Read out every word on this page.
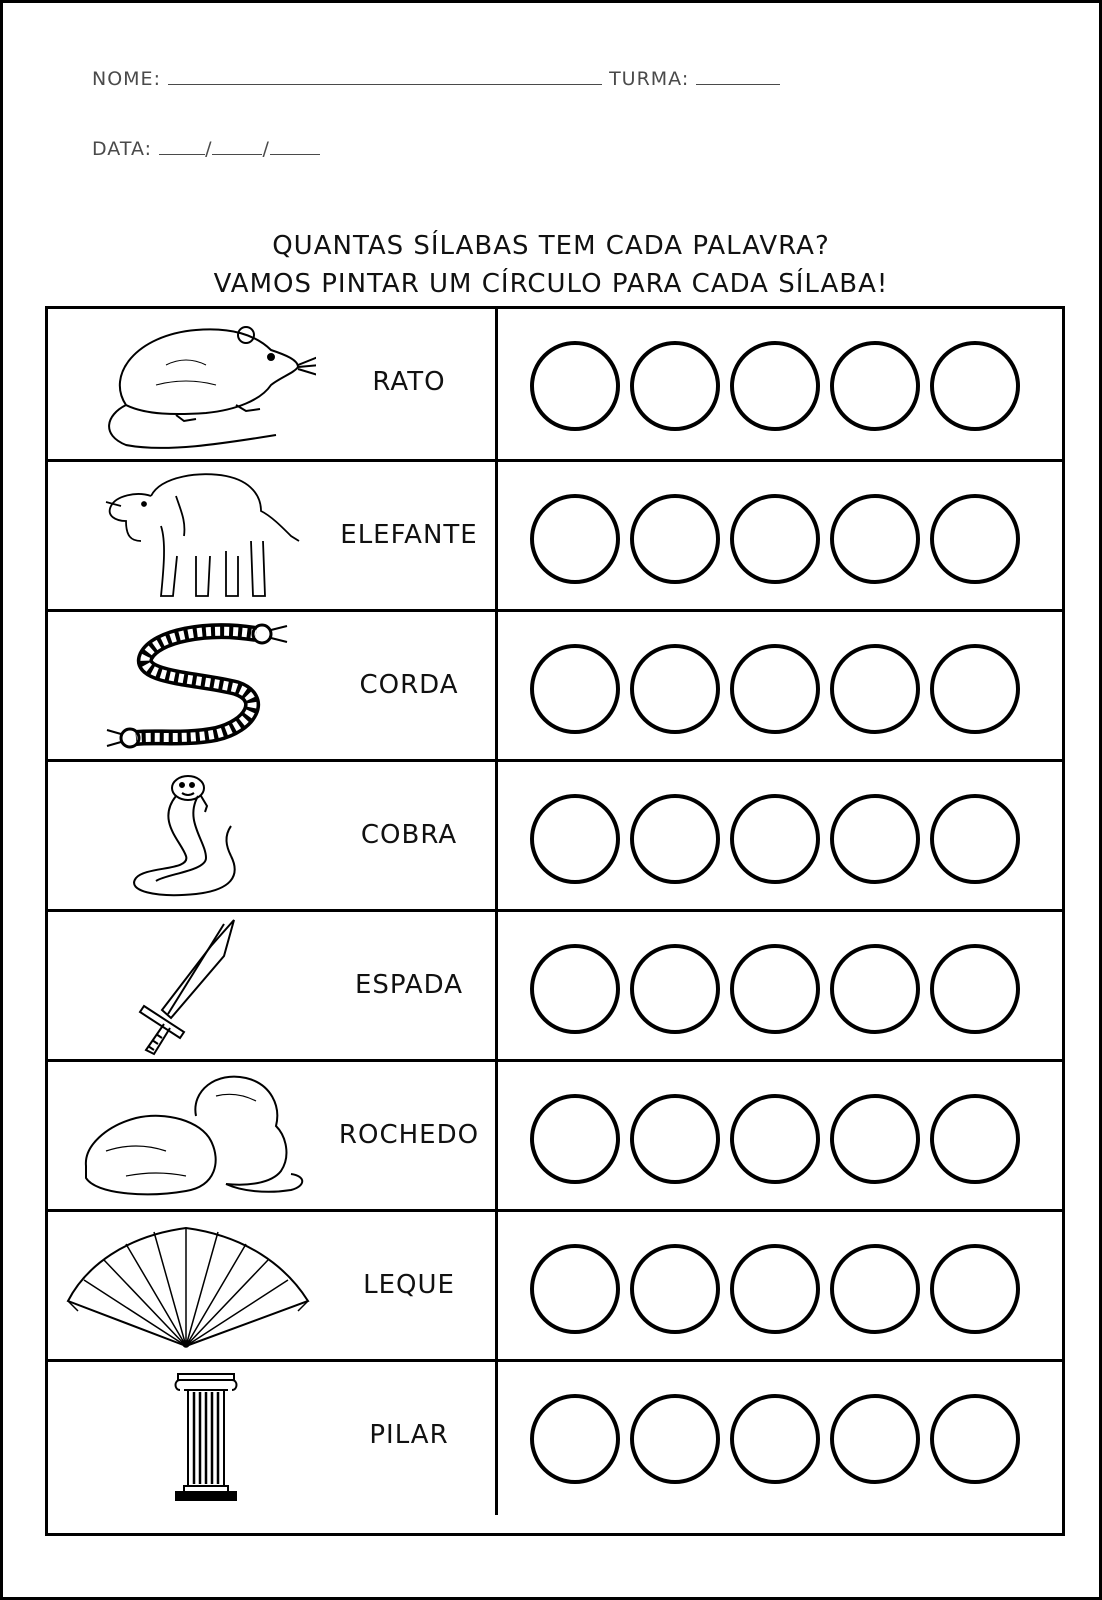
NOME:	TURMA:
DATA:	/	/
QUANTAS SÍLABAS TEM CADA PALAVRA?
VAMOS PINTAR UM CÍRCULO PARA CADA SÍLABA!
RATO
ELEFANTE
CORDA
COBRA
ESPADA
ROCHEDO
LEQUE
PILAR
